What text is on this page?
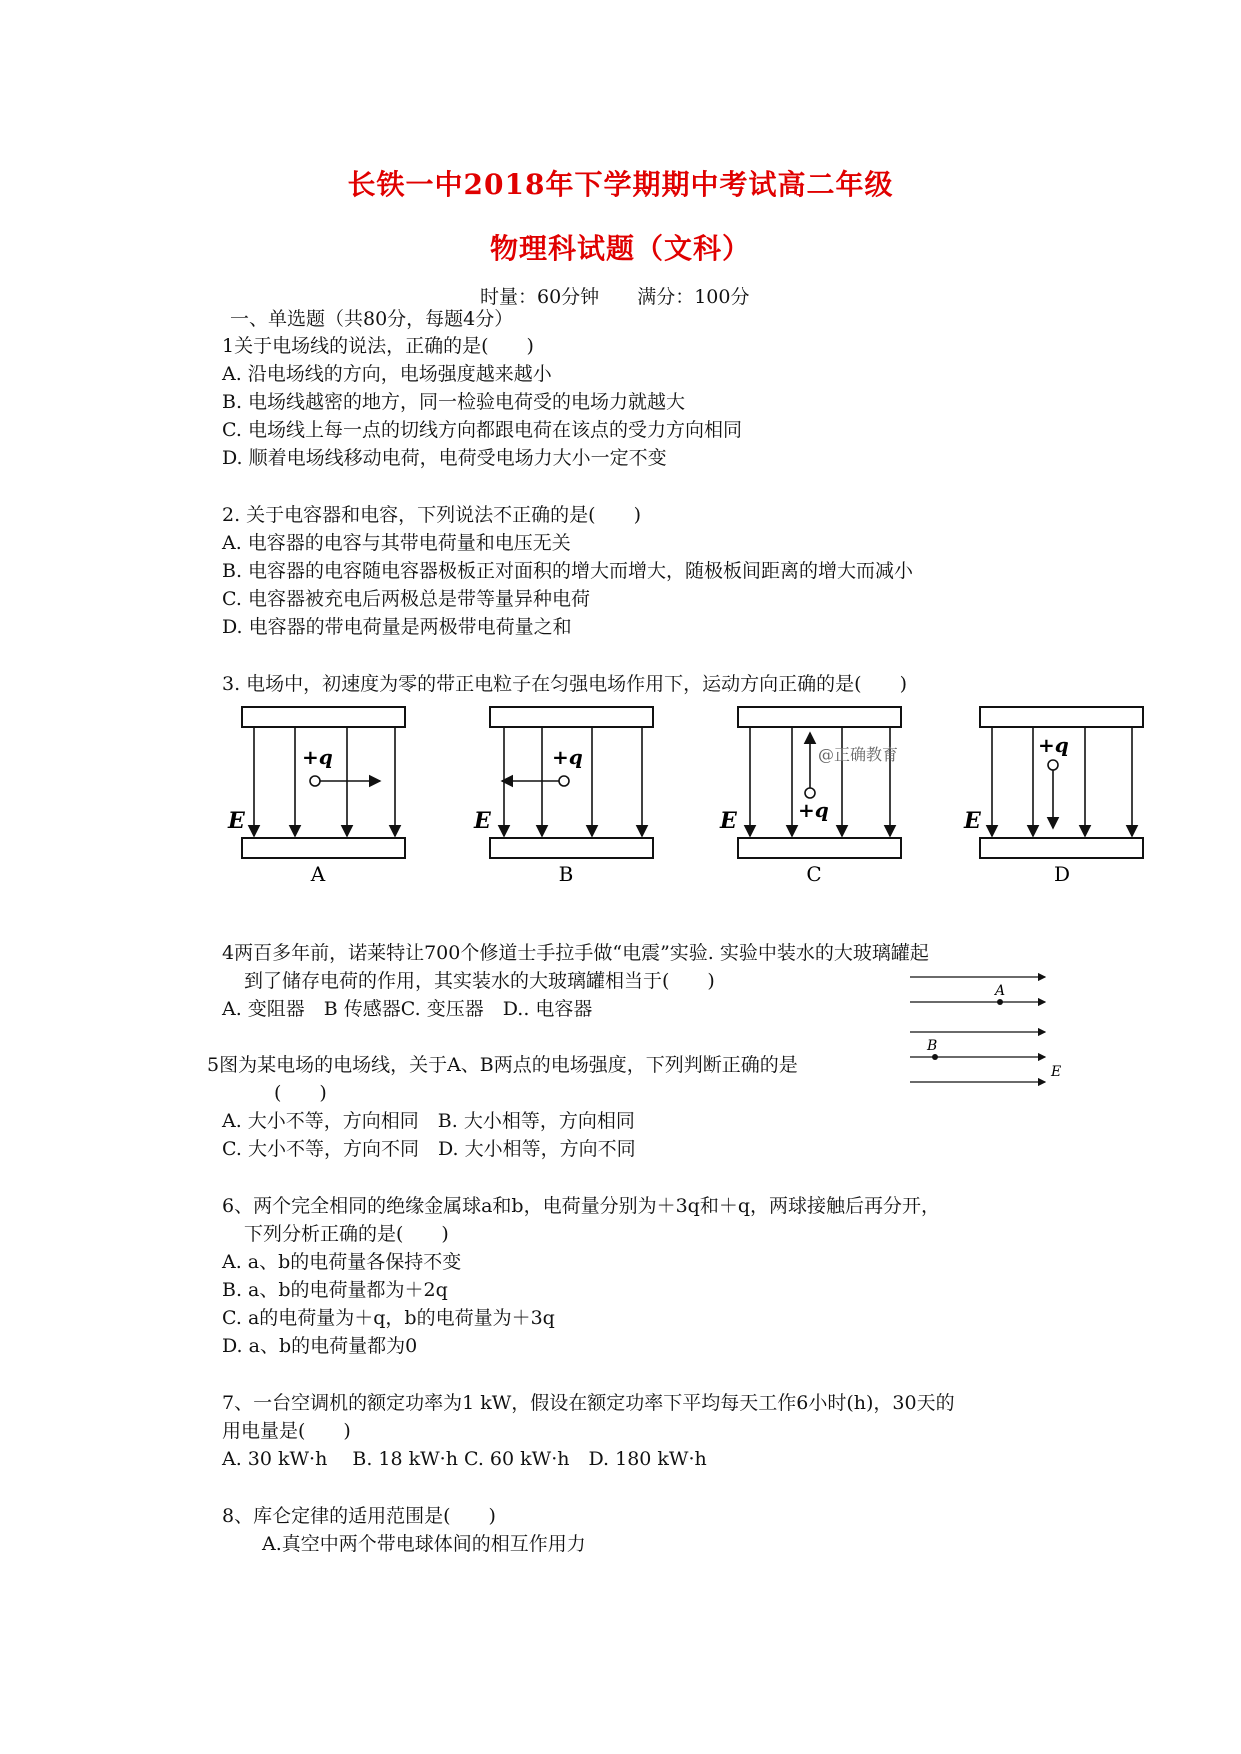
长铁一中2018年下学期期中考试高二年级
物理科试题（文科）
时量：60分钟　　 满分：100分
一、单选题（共80分，每题4分）
1关于电场线的说法，正确的是(　　)
A. 沿电场线的方向，电场强度越来越小
B. 电场线越密的地方，同一检验电荷受的电场力就越大
C. 电场线上每一点的切线方向都跟电荷在该点的受力方向相同
D. 顺着电场线移动电荷，电荷受电场力大小一定不变
2. 关于电容器和电容，下列说法不正确的是(　　)
A. 电容器的电容与其带电荷量和电压无关
B. 电容器的电容随电容器极板正对面积的增大而增大，随极板间距离的增大而减小
C. 电容器被充电后两极总是带等量异种电荷
D. 电容器的带电荷量是两极带电荷量之和
3. 电场中，初速度为零的带正电粒子在匀强电场作用下，运动方向正确的是(　　)
+q
E
A
+q
E
B
+q
@正确教育
E
C
+q
E
D
4两百多年前，诺莱特让700个修道士手拉手做“电震”实验. 实验中装水的大玻璃罐起
到了储存电荷的作用，其实装水的大玻璃罐相当于(　　)
A. 变阻器　B 传感器C. 变压器　D.. 电容器
A
B
E
5图为某电场的电场线，关于A、B两点的电场强度，下列判断正确的是
(　　)
A. 大小不等，方向相同　B. 大小相等，方向相同
C. 大小不等，方向不同　D. 大小相等，方向不同
6、两个完全相同的绝缘金属球a和b，电荷量分别为＋3q和＋q，两球接触后再分开，
下列分析正确的是(　　)
A. a、b的电荷量各保持不变
B. a、b的电荷量都为＋2q
C. a的电荷量为＋q，b的电荷量为＋3q
D. a、b的电荷量都为0
7、一台空调机的额定功率为1 kW，假设在额定功率下平均每天工作6小时(h)，30天的
用电量是(　　)
A. 30 kW·h　 B. 18 kW·h C. 60 kW·h　D. 180 kW·h
8、库仑定律的适用范围是(　　)
A.真空中两个带电球体间的相互作用力
